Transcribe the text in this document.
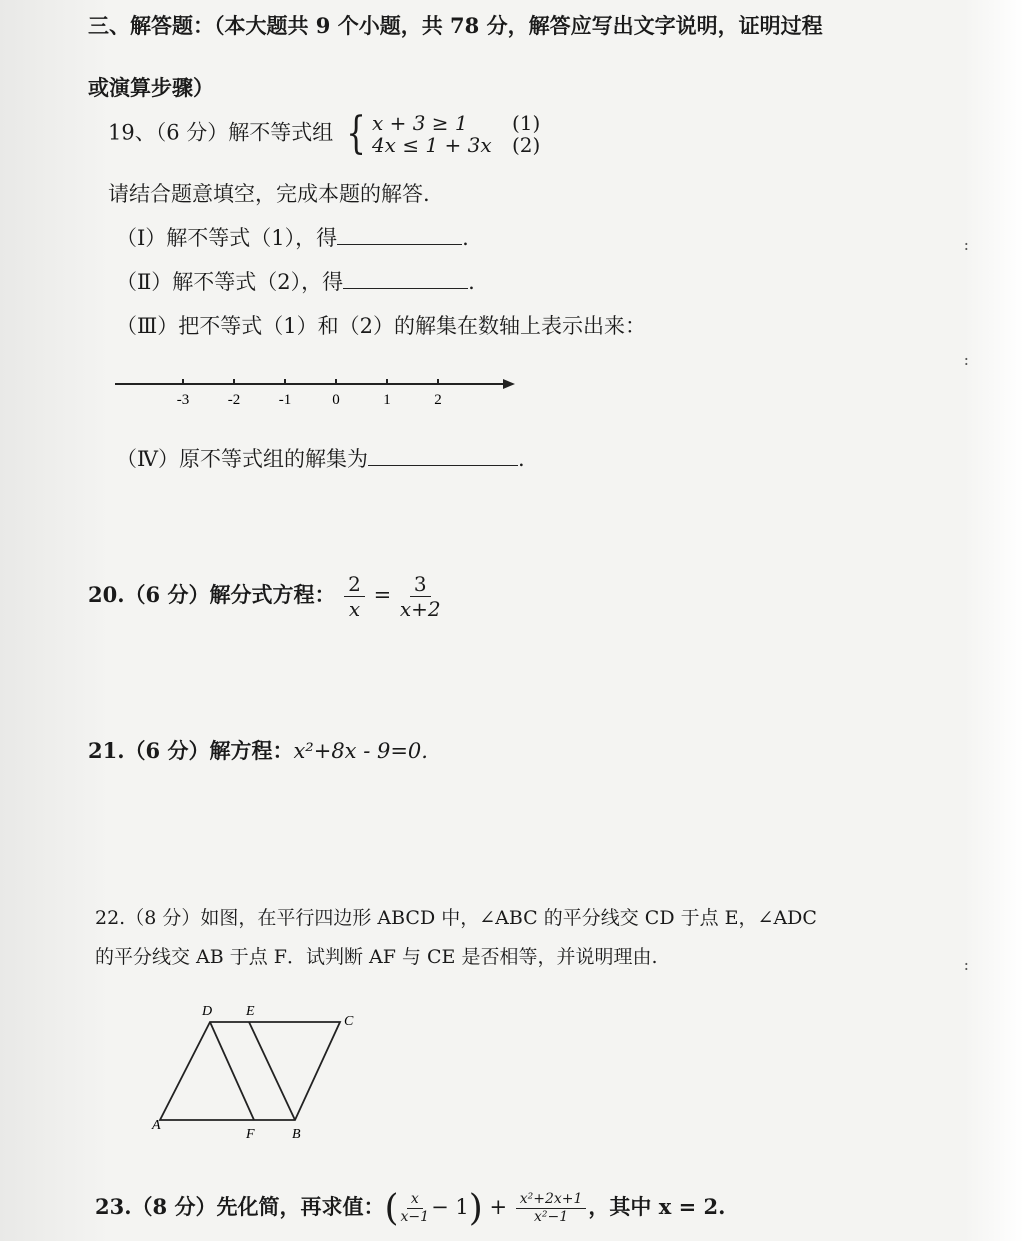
:
:
:
三、解答题：（本大题共 9 个小题，共 78 分，解答应写出文字说明，证明过程
或演算步骤）
19、（6 分）解不等式组 { x + 3 ≥ 1	(1)
4x ≤ 1 + 3x	(2)
请结合题意填空，完成本题的解答.
（Ⅰ）解不等式（1），得	.
（Ⅱ）解不等式（2），得	.
（Ⅲ）把不等式（1）和（2）的解集在数轴上表示出来：
-3	-2	-1	0	1	2
（Ⅳ）原不等式组的解集为	.
20.（6 分）解分式方程： $\frac{2}{x} = \frac{3}{x+2}$
21.（6 分）解方程：x²+8x - 9=0.
22.（8 分）如图，在平行四边形 ABCD 中，∠ABC 的平分线交 CD 于点 E，∠ADC
的平分线交 AB 于点 F．试判断 AF 与 CE 是否相等，并说明理由.
D E
C
A
F	B
23.（8 分）先化简，再求值：( $\frac{x}{x-1} - 1) + \frac{\text{x²+2x+1}}{\text{x²−1}}$ ，其中 x = 2.
